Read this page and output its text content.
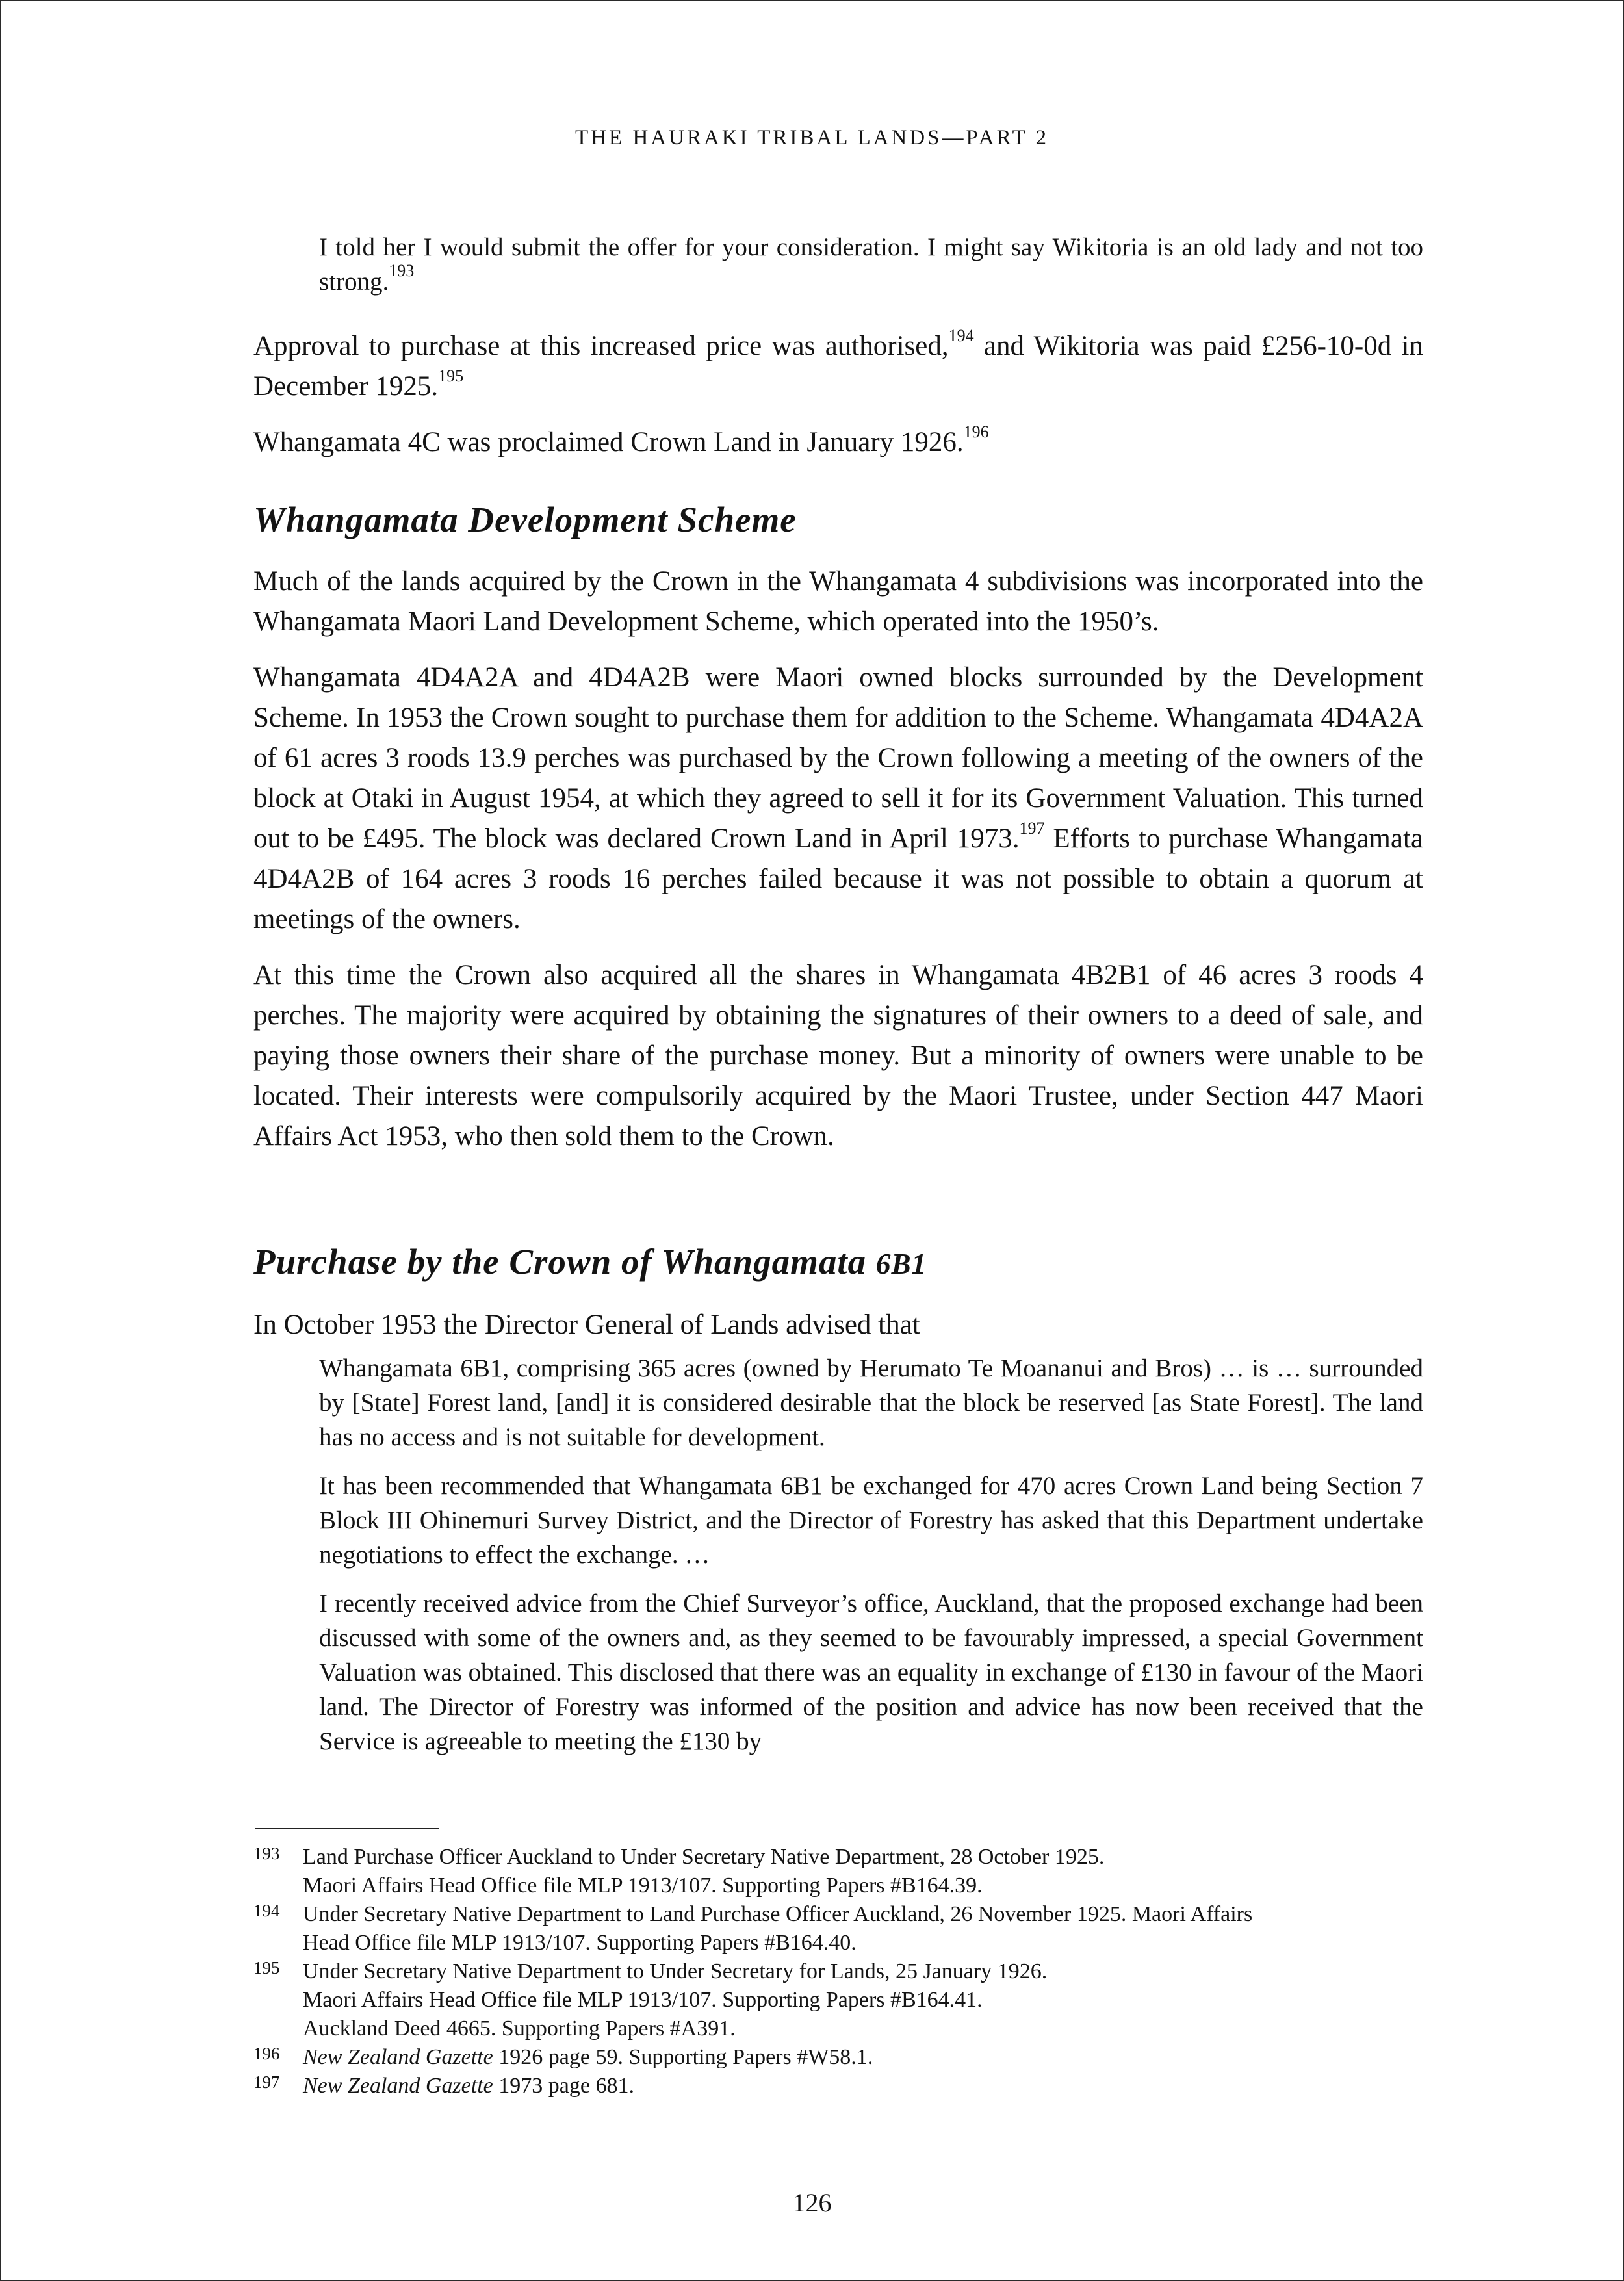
THE HAURAKI TRIBAL LANDS—PART 2

I told her I would submit the offer for your consideration. I might say Wikitoria is an old lady and not too strong.$^{193}$

Approval to purchase at this increased price was authorised,$^{194}$ and Wikitoria was paid £256-10-0d in December 1925.$^{195}$

Whangamata 4C was proclaimed Crown Land in January 1926.$^{196}$

Whangamata Development Scheme

Much of the lands acquired by the Crown in the Whangamata 4 subdivisions was incorporated into the Whangamata Maori Land Development Scheme, which operated into the 1950’s.

Whangamata 4D4A2A and 4D4A2B were Maori owned blocks surrounded by the Development Scheme. In 1953 the Crown sought to purchase them for addition to the Scheme. Whangamata 4D4A2A of 61 acres 3 roods 13.9 perches was purchased by the Crown following a meeting of the owners of the block at Otaki in August 1954, at which they agreed to sell it for its Government Valuation. This turned out to be £495. The block was declared Crown Land in April 1973.$^{197}$ Efforts to purchase Whangamata 4D4A2B of 164 acres 3 roods 16 perches failed because it was not possible to obtain a quorum at meetings of the owners.

At this time the Crown also acquired all the shares in Whangamata 4B2B1 of 46 acres 3 roods 4 perches. The majority were acquired by obtaining the signatures of their owners to a deed of sale, and paying those owners their share of the purchase money. But a minority of owners were unable to be located. Their interests were compulsorily acquired by the Maori Trustee, under Section 447 Maori Affairs Act 1953, who then sold them to the Crown.

Purchase by the Crown of Whangamata 6B1

In October 1953 the Director General of Lands advised that

Whangamata 6B1, comprising 365 acres (owned by Herumato Te Moananui and Bros) … is … surrounded by [State] Forest land, [and] it is considered desirable that the block be reserved [as State Forest]. The land has no access and is not suitable for development.

It has been recommended that Whangamata 6B1 be exchanged for 470 acres Crown Land being Section 7 Block III Ohinemuri Survey District, and the Director of Forestry has asked that this Department undertake negotiations to effect the exchange. …

I recently received advice from the Chief Surveyor’s office, Auckland, that the proposed exchange had been discussed with some of the owners and, as they seemed to be favourably impressed, a special Government Valuation was obtained. This disclosed that there was an equality in exchange of £130 in favour of the Maori land. The Director of Forestry was informed of the position and advice has now been received that the Service is agreeable to meeting the £130 by

193 Land Purchase Officer Auckland to Under Secretary Native Department, 28 October 1925.
Maori Affairs Head Office file MLP 1913/107. Supporting Papers #B164.39.

194 Under Secretary Native Department to Land Purchase Officer Auckland, 26 November 1925. Maori Affairs
Head Office file MLP 1913/107. Supporting Papers #B164.40.

195 Under Secretary Native Department to Under Secretary for Lands, 25 January 1926.
Maori Affairs Head Office file MLP 1913/107. Supporting Papers #B164.41.
Auckland Deed 4665. Supporting Papers #A391.

196 New Zealand Gazette 1926 page 59. Supporting Papers #W58.1.

197 New Zealand Gazette 1973 page 681.

126
